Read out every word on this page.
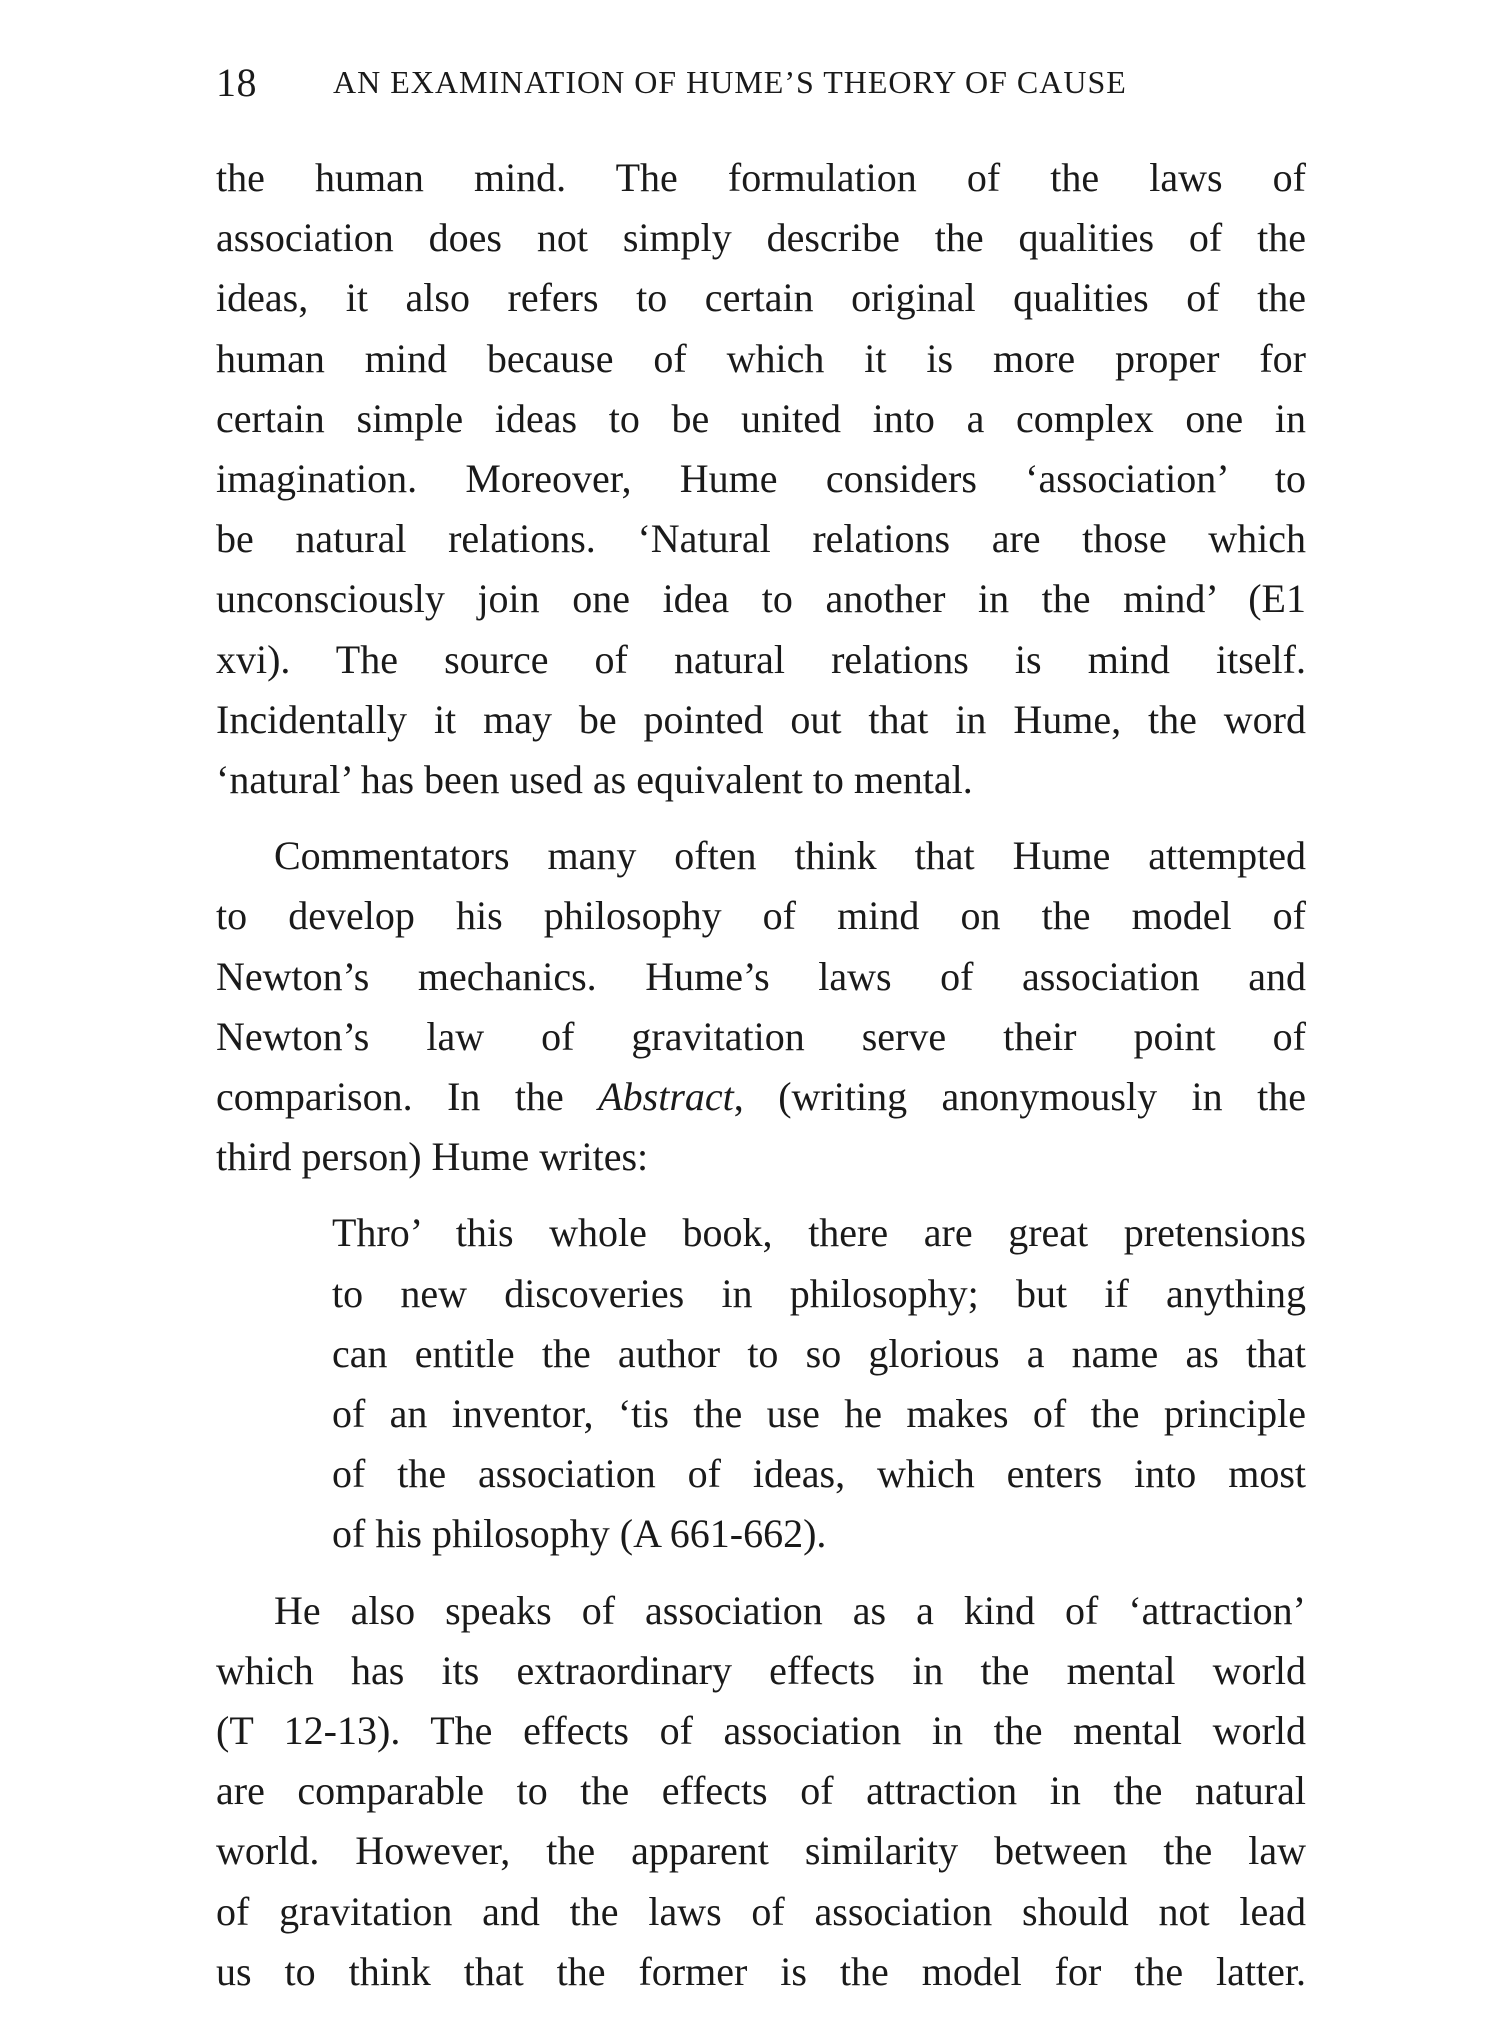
18 AN EXAMINATION OF HUME’S THEORY OF CAUSE

the human mind. The formulation of the laws of
association does not simply describe the qualities of the
ideas, it also refers to certain original qualities of the
human mind because of which it is more proper for
certain simple ideas to be united into a complex one in
imagination. Moreover, Hume considers ‘association’ to
be natural relations. ‘Natural relations are those which
unconsciously join one idea to another in the mind’ (E1
xvi). The source of natural relations is mind itself.
Incidentally it may be pointed out that in Hume, the word
‘natural’ has been used as equivalent to mental.

Commentators many often think that Hume attempted
to develop his philosophy of mind on the model of
Newton’s mechanics. Hume’s laws of association and
Newton’s law of gravitation serve their point of
comparison. In the Abstract, (writing anonymously in the
third person) Hume writes:

Thro’ this whole book, there are great pretensions
to new discoveries in philosophy; but if anything
can entitle the author to so glorious a name as that
of an inventor, ‘tis the use he makes of the principle
of the association of ideas, which enters into most
of his philosophy (A 661-662).

He also speaks of association as a kind of ‘attraction’
which has its extraordinary effects in the mental world
(T 12-13). The effects of association in the mental world
are comparable to the effects of attraction in the natural
world. However, the apparent similarity between the law
of gravitation and the laws of association should not lead
us to think that the former is the model for the latter.
